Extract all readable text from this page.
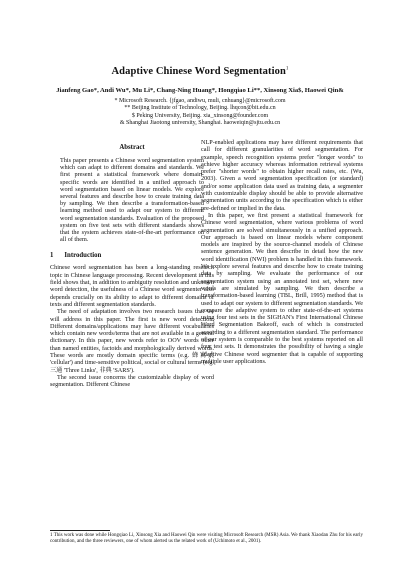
Adaptive Chinese Word Segmentation$^1$
Jianfeng Gao*, Andi Wu*, Mu Li*, Chang-Ning Huang*, Hongqiao Li**, Xinsong Xia$, Haowei Qin&
* Microsoft Research. {jfgao, andiwu, muli, cnhuang}@microsoft.com
** Beijing Institute of Technology, Beijing. lhqcon@bit.edu.cn
$ Peking University, Beijing. xia_xinsong@founder.com
& Shanghai Jiaotong university, Shanghai. haoweiqin@sjtu.edu.cn
Abstract
This paper presents a Chinese word segmentation system which can adapt to different domains and standards. We first present a statistical framework where domain-specific words are identified in a unified approach to word segmentation based on linear models. We explore several features and describe how to create training data by sampling. We then describe a transformation-based learning method used to adapt our system to different word segmentation standards. Evaluation of the proposed system on five test sets with different standards shows that the system achieves state-of-the-art performance on all of them.
1 Introduction

Chinese word segmentation has been a long-standing research topic in Chinese language processing. Recent development in this field shows that, in addition to ambiguity resolution and unknown word detection, the usefulness of a Chinese word segmenter also depends crucially on its ability to adapt to different domains of texts and different segmentation standards.

The need of adaptation involves two research issues that we will address in this paper. The first is new word detection. Different domains/applications may have different vocabularies which contain new words/terms that are not available in a general dictionary. In this paper, new words refer to OOV words other than named entities, factoids and morphologically derived words. These words are mostly domain specific terms (e.g. 蜂窝式 'cellular') and time-sensitive political, social or cultural terms (e.g. 三通 'Three Links', 非典 'SARS').

The second issue concerns the customizable display of word segmentation. Different Chinese

NLP-enabled applications may have different requirements that call for different granularities of word segmentation. For example, speech recognition systems prefer "longer words" to achieve higher accuracy whereas information retrieval systems prefer "shorter words" to obtain higher recall rates, etc. (Wu, 2003). Given a word segmentation specification (or standard) and/or some application data used as training data, a segmenter with customizable display should be able to provide alternative segmentation units according to the specification which is either pre-defined or implied in the data.

In this paper, we first present a statistical framework for Chinese word segmentation, where various problems of word segmentation are solved simultaneously in a unified approach. Our approach is based on linear models where component models are inspired by the source-channel models of Chinese sentence generation. We then describe in detail how the new word identification (NWI) problem is handled in this framework. We explore several features and describe how to create training data by sampling. We evaluate the performance of our segmentation system using an annotated test set, where new words are simulated by sampling. We then describe a transformation-based learning (TBL, Brill, 1995) method that is used to adapt our system to different segmentation standards. We compare the adaptive system to other state-of-the-art systems using four test sets in the SIGHAN's First International Chinese Word Segmentation Bakeoff, each of which is constructed according to a different segmentation standard. The performance of our system is comparable to the best systems reported on all four test sets. It demonstrates the possibility of having a single adaptive Chinese word segmenter that is capable of supporting multiple user applications.

1 This work was done while Hongqiao Li, Xinsong Xia and Haowei Qin were visiting Microsoft Research (MSR) Asia. We thank Xiaodan Zhu for his early contribution, and the three reviewers, one of whom alerted us the related work of (Uchimoto et al., 2001).
